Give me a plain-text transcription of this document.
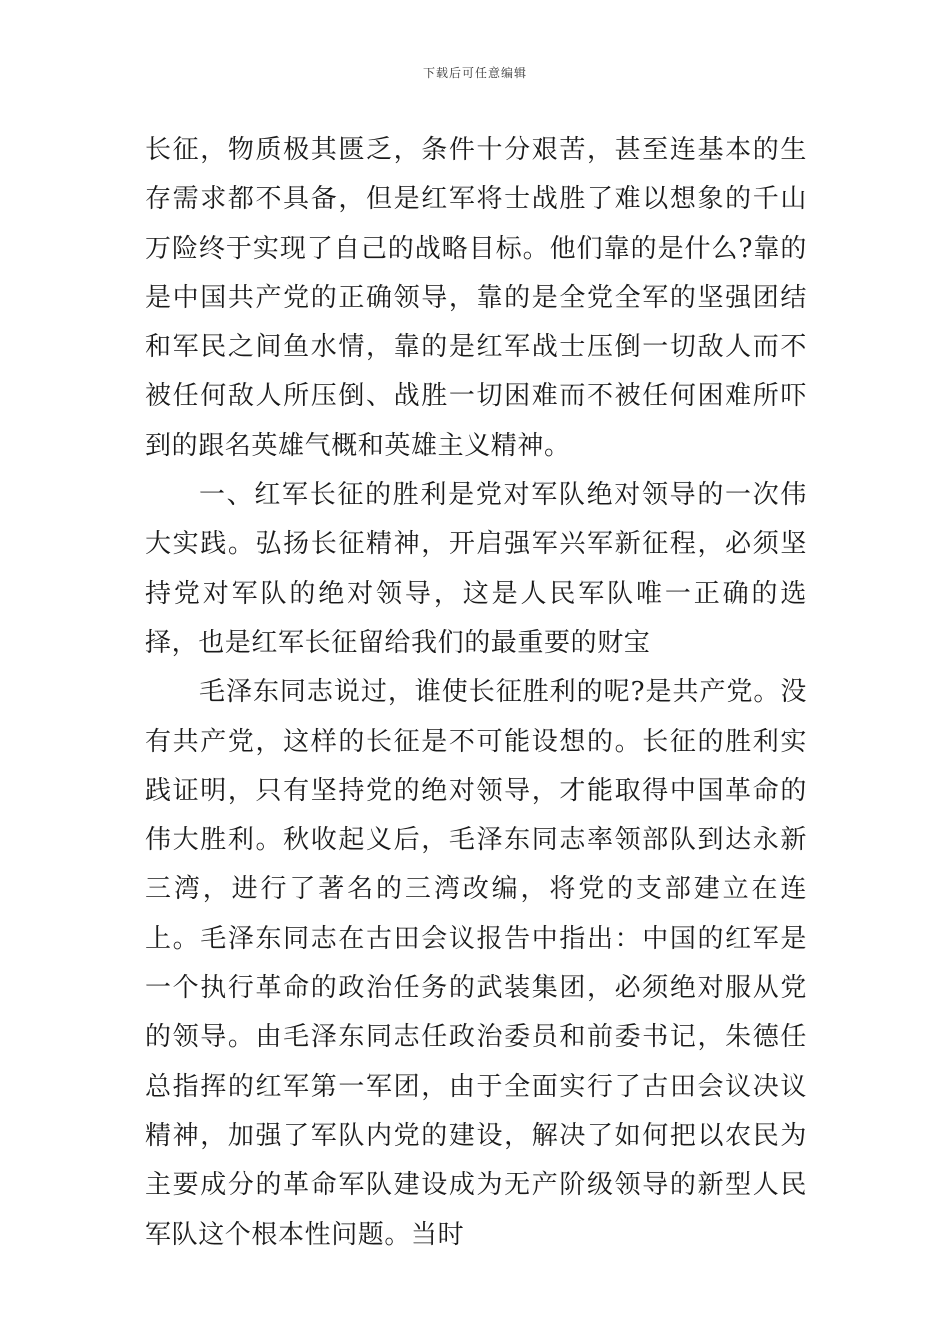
下载后可任意编辑

长征，物质极其匮乏，条件十分艰苦，甚至连基本的生存需求都不具备，但是红军将士战胜了难以想象的千山万险终于实现了自己的战略目标。他们靠的是什么?靠的是中国共产党的正确领导，靠的是全党全军的坚强团结和军民之间鱼水情，靠的是红军战士压倒一切敌人而不被任何敌人所压倒、战胜一切困难而不被任何困难所吓到的跟名英雄气概和英雄主义精神。

一、红军长征的胜利是党对军队绝对领导的一次伟大实践。弘扬长征精神，开启强军兴军新征程，必须坚持党对军队的绝对领导，这是人民军队唯一正确的选择，也是红军长征留给我们的最重要的财宝

毛泽东同志说过，谁使长征胜利的呢?是共产党。没有共产党，这样的长征是不可能设想的。长征的胜利实践证明，只有坚持党的绝对领导，才能取得中国革命的伟大胜利。秋收起义后，毛泽东同志率领部队到达永新三湾，进行了著名的三湾改编，将党的支部建立在连上。毛泽东同志在古田会议报告中指出：中国的红军是一个执行革命的政治任务的武装集团，必须绝对服从党的领导。由毛泽东同志任政治委员和前委书记，朱德任总指挥的红军第一军团，由于全面实行了古田会议决议精神，加强了军队内党的建设，解决了如何把以农民为主要成分的革命军队建设成为无产阶级领导的新型人民军队这个根本性问题。当时
